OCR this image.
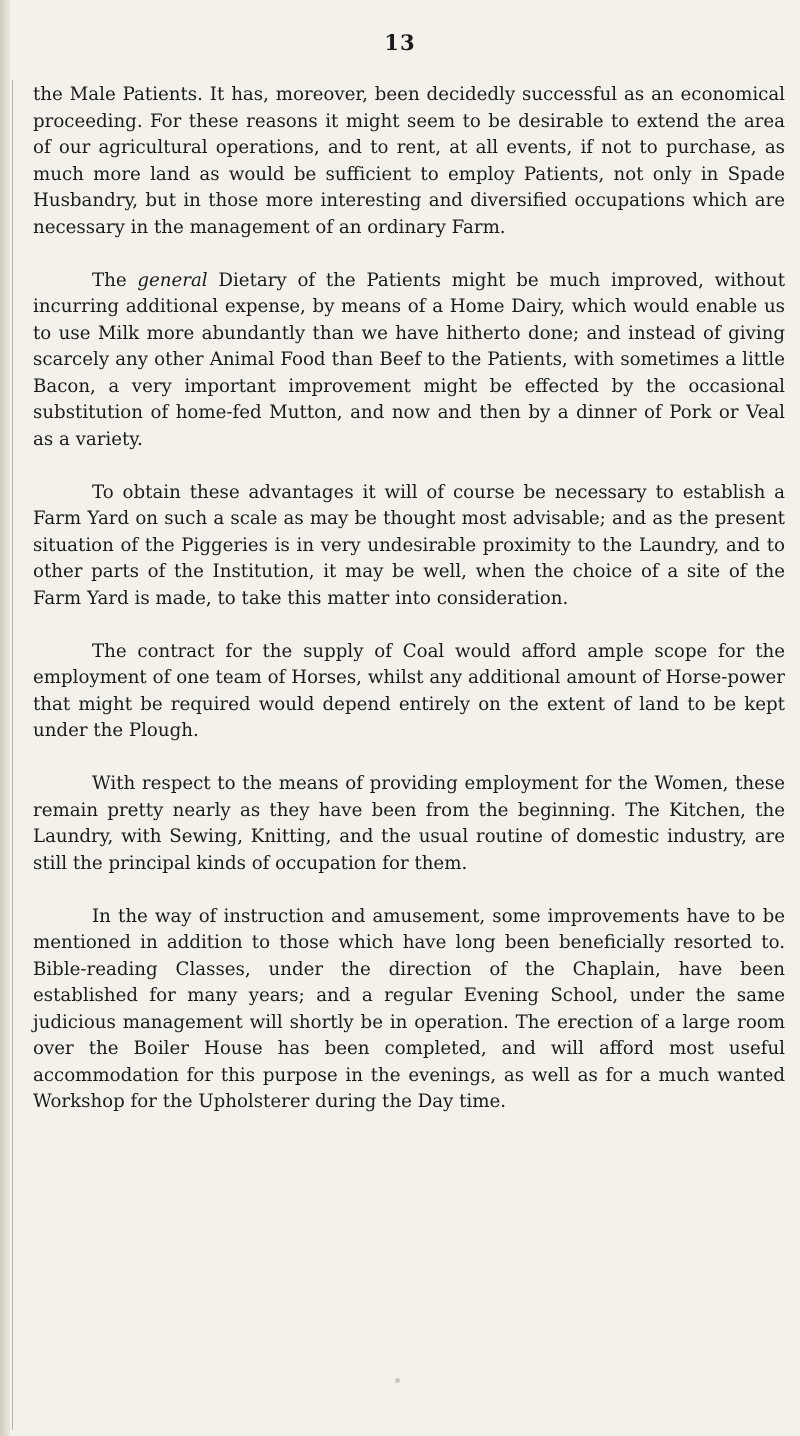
13

the Male Patients. It has, moreover, been decidedly successful as an economical proceeding. For these reasons it might seem to be desirable to extend the area of our agricultural operations, and to rent, at all events, if not to purchase, as much more land as would be sufficient to employ Patients, not only in Spade Husbandry, but in those more interesting and diversified occupations which are necessary in the management of an ordinary Farm.

The general Dietary of the Patients might be much improved, without incurring additional expense, by means of a Home Dairy, which would enable us to use Milk more abundantly than we have hitherto done; and instead of giving scarcely any other Animal Food than Beef to the Patients, with sometimes a little Bacon, a very important improvement might be effected by the occasional substitution of home-fed Mutton, and now and then by a dinner of Pork or Veal as a variety.

To obtain these advantages it will of course be necessary to establish a Farm Yard on such a scale as may be thought most advisable; and as the present situation of the Piggeries is in very undesirable proximity to the Laundry, and to other parts of the Institution, it may be well, when the choice of a site of the Farm Yard is made, to take this matter into consideration.

The contract for the supply of Coal would afford ample scope for the employment of one team of Horses, whilst any additional amount of Horse-power that might be required would depend entirely on the extent of land to be kept under the Plough.

With respect to the means of providing employment for the Women, these remain pretty nearly as they have been from the beginning. The Kitchen, the Laundry, with Sewing, Knitting, and the usual routine of domestic industry, are still the principal kinds of occupation for them.

In the way of instruction and amusement, some improvements have to be mentioned in addition to those which have long been beneficially resorted to. Bible-reading Classes, under the direction of the Chaplain, have been established for many years; and a regular Evening School, under the same judicious management will shortly be in operation. The erection of a large room over the Boiler House has been completed, and will afford most useful accommodation for this purpose in the evenings, as well as for a much wanted Workshop for the Upholsterer during the Day time.
